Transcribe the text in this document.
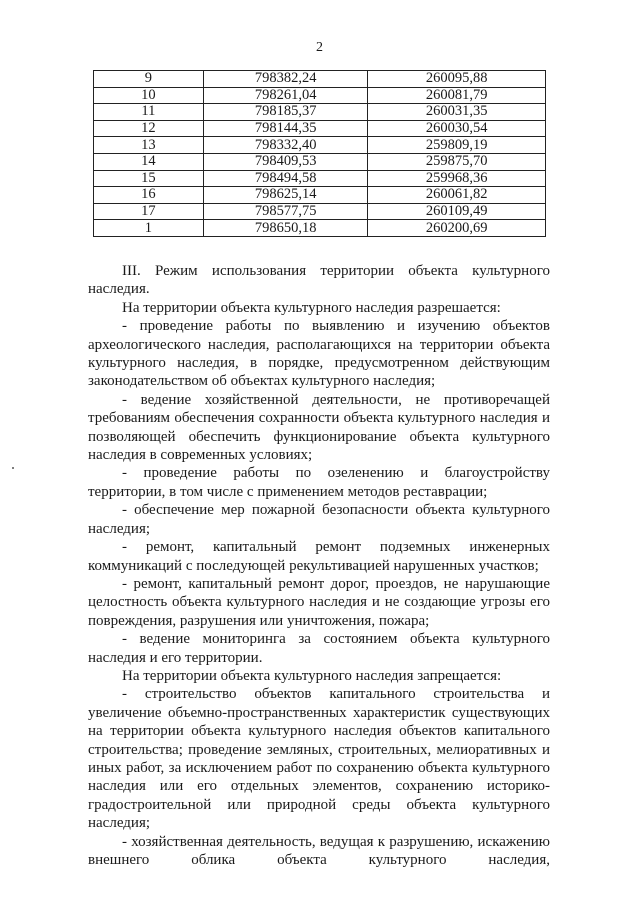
2
9	798382,24	260095,88
10	798261,04	260081,79
11	798185,37	260031,35
12	798144,35	260030,54
13	798332,40	259809,19
14	798409,53	259875,70
15	798494,58	259968,36
16	798625,14	260061,82
17	798577,75	260109,49
1	798650,18	260200,69

III. Режим использования территории объекта культурного наследия.

На территории объекта культурного наследия разрешается:

- проведение работы по выявлению и изучению объектов археологического наследия, располагающихся на территории объекта культурного наследия, в порядке, предусмотренном действующим законодательством об объектах культурного наследия;

- ведение хозяйственной деятельности, не противоречащей требованиям обеспечения сохранности объекта культурного наследия и позволяющей обеспечить функционирование объекта культурного наследия в современных условиях;

- проведение работы по озеленению и благоустройству территории, в том числе с применением методов реставрации;

- обеспечение мер пожарной безопасности объекта культурного наследия;

- ремонт, капитальный ремонт подземных инженерных коммуникаций с последующей рекультивацией нарушенных участков;

- ремонт, капитальный ремонт дорог, проездов, не нарушающие целостность объекта культурного наследия и не создающие угрозы его повреждения, разрушения или уничтожения, пожара;

- ведение мониторинга за состоянием объекта культурного наследия и его территории.

На территории объекта культурного наследия запрещается:

- строительство объектов капитального строительства и увеличение объемно-пространственных характеристик существующих на территории объекта культурного наследия объектов капитального строительства; проведение земляных, строительных, мелиоративных и иных работ, за исключением работ по сохранению объекта культурного наследия или его отдельных элементов, сохранению историко-градостроительной или природной среды объекта культурного наследия;

- хозяйственная деятельность, ведущая к разрушению, искажению внешнего облика объекта культурного наследия,
